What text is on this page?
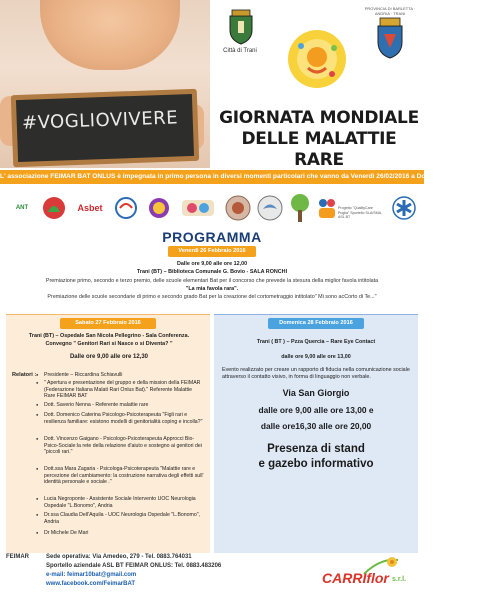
#VOGLIOVIVERE
Città di Trani
PROVINCIA DI BARLETTA · ANDRIA · TRANI
GIORNATA MONDIALE
DELLE MALATTIE RARE
L' associazione FEIMAR BAT ONLUS è impegnata in primo persona in diversi momenti particolari che vanno da Venerdì 26/02/2016 a Domenica 28/02/2016
ANT	Asbet	Progetto "QualityCare Puglia" Sportello SLA/SMA, ASL BT
PROGRAMMA
Venerdì 26 Febbraio 2016
Dalle ore 9,00 alle ore 12,00
Trani (BT) – Biblioteca Comunale G. Bovio - SALA RONCHI
Premiazione primo, secondo e terzo premio, delle scuole elementari Bat per il concorso che prevede la stesura della miglior favola intitolata
"La mia favola rara".
Premiazione delle scuole secondarie di primo e secondo grado Bat per la creazione del cortometraggio intitolato" Mi sono acCorto di Te..."
Sabato 27 Febbraio 2016
Trani (BT) – Ospedale San Nicola Pellegrino - Sala Conferenza.
Convegno " Genitori Rari si Nasce o si Diventa? "
Dalle ore 9,00 alle ore 12,30
Relatori :
● Presidente – Riccardina Schiavulli
● " Apertura e presentazione del gruppo e della mission della FEIMAR (Federazione Italiana Malati Rari Onlus Bat)." Referente Malattie Rare FEIMAR BAT
● Dott. Saverio Nenna - Referente malattie rare
● Dott. Domenico Caterina Psicologo-Psicoterapeuta "Figli rari e resilienza familiare: esistono modelli di genitorialità coping e incolla?"
● Dott. Vincenzo Gaigano - Psicologo-Psicoterapeuta Approcci Bio-Psico-Sociale:la rete della relazione d'aiuto e sostegno ai genitori dei "piccoli rari."
● Dott.ssa Mara Zagaria - Psicologa-Psicoterapeuta "Malattie rare e percezione del cambiamento: la costruzione narrativa degli effetti sull' identità personale e sociale ."
● Lucia Negroponte - Assistente Sociale Intervento UOC Neurologia Ospedale "L.Bonomo", Andria
● Dr.ssa Claudia Dell'Aquila - UOC Neurologia Ospedale "L.Bonomo", Andria
● Dr Michele De Mari
Domenica 28 Febbraio 2016
Trani ( BT ) – Pzza Quercia – Rare Eye Contact
dalle ore 9,00 alle ore 13,00
Evento realizzato per creare un rapporto di fiducia nella comunicazione sociale attraverso il contatto visivo, in forma di linguaggio non verbale.
Via San Giorgio
dalle ore 9,00 alle ore 13,00 e
dalle ore16,30 alle ore 20,00
Presenza di stand
e gazebo informativo
FEIMAR	Sede operativa: Via Amedeo, 279 - Tel. 0883.764031
Sportello aziendale ASL BT FEIMAR ONLUS: Tel. 0883.483206
e-mail: feimar10bat@gmail.com
www.facebook.com/FeimarBAT	CARRIflor s.r.l.
